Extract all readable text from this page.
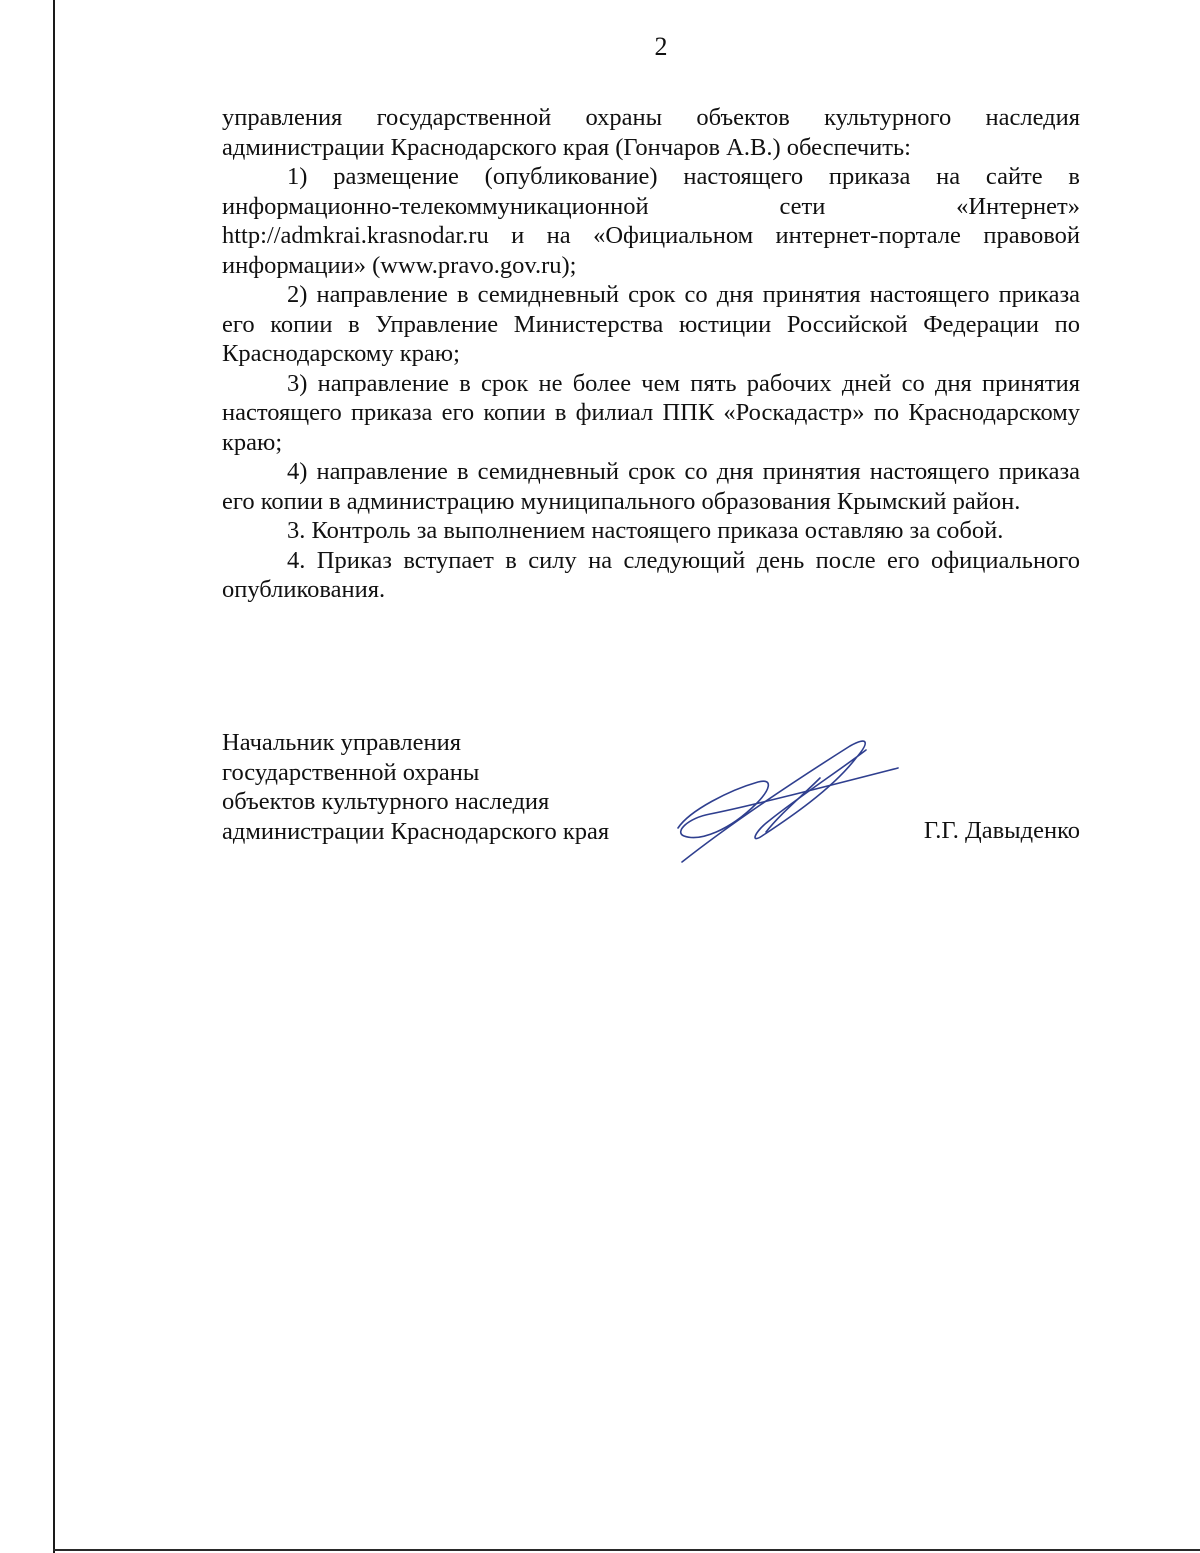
2

управления государственной охраны объектов культурного наследия администрации Краснодарского края (Гончаров А.В.) обеспечить:

1) размещение (опубликование) настоящего приказа на сайте в информационно-телекоммуникационной сети «Интернет» http://admkrai.krasnodar.ru и на «Официальном интернет-портале правовой информации» (www.pravo.gov.ru);

2) направление в семидневный срок со дня принятия настоящего приказа его копии в Управление Министерства юстиции Российской Федерации по Краснодарскому краю;

3) направление в срок не более чем пять рабочих дней со дня принятия настоящего приказа его копии в филиал ППК «Роскадастр» по Краснодарскому краю;

4) направление в семидневный срок со дня принятия настоящего приказа его копии в администрацию муниципального образования Крымский район.

3. Контроль за выполнением настоящего приказа оставляю за собой.

4. Приказ вступает в силу на следующий день после его официального опубликования.

Начальник управления
государственной охраны
объектов культурного наследия
администрации Краснодарского края	Г.Г. Давыденко
